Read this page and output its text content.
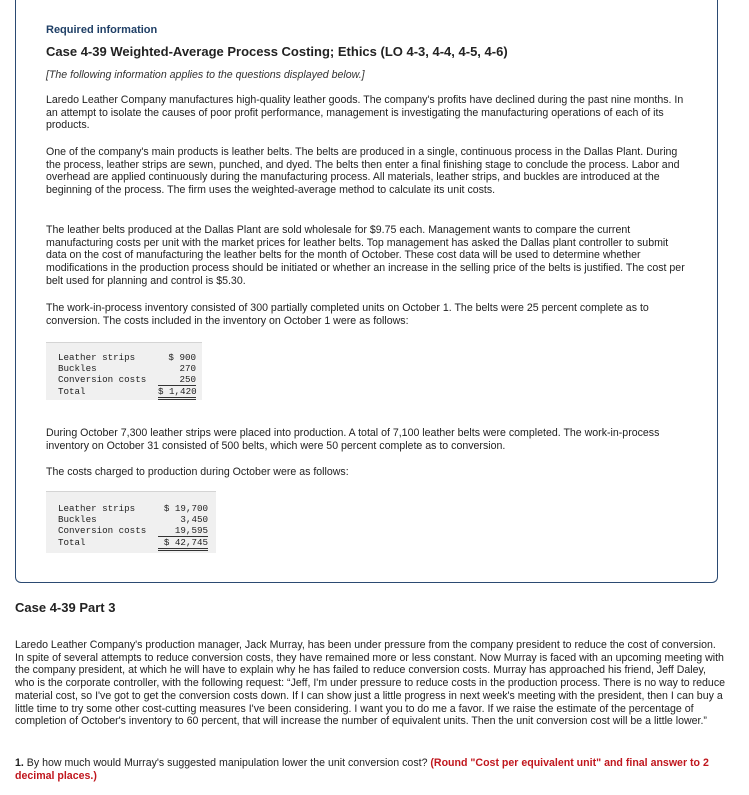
Required information
Case 4-39 Weighted-Average Process Costing; Ethics (LO 4-3, 4-4, 4-5, 4-6)
[The following information applies to the questions displayed below.]

Laredo Leather Company manufactures high-quality leather goods. The company's profits have declined during the past nine months. In an attempt to isolate the causes of poor profit performance, management is investigating the manufacturing operations of each of its products.

One of the company's main products is leather belts. The belts are produced in a single, continuous process in the Dallas Plant. During the process, leather strips are sewn, punched, and dyed. The belts then enter a final finishing stage to conclude the process. Labor and overhead are applied continuously during the manufacturing process. All materials, leather strips, and buckles are introduced at the beginning of the process. The firm uses the weighted-average method to calculate its unit costs.

The leather belts produced at the Dallas Plant are sold wholesale for $9.75 each. Management wants to compare the current manufacturing costs per unit with the market prices for leather belts. Top management has asked the Dallas plant controller to submit data on the cost of manufacturing the leather belts for the month of October. These cost data will be used to determine whether modifications in the production process should be initiated or whether an increase in the selling price of the belts is justified. The cost per belt used for planning and control is $5.30.

The work-in-process inventory consisted of 300 partially completed units on October 1. The belts were 25 percent complete as to conversion. The costs included in the inventory on October 1 were as follows:

Leather strips	$ 900
Buckles	270
Conversion costs	250
Total	$ 1,420

During October 7,300 leather strips were placed into production. A total of 7,100 leather belts were completed. The work-in-process inventory on October 31 consisted of 500 belts, which were 50 percent complete as to conversion.

The costs charged to production during October were as follows:

Leather strips	$ 19,700
Buckles	3,450
Conversion costs	19,595
Total	$ 42,745
Case 4-39 Part 3

Laredo Leather Company's production manager, Jack Murray, has been under pressure from the company president to reduce the cost of conversion. In spite of several attempts to reduce conversion costs, they have remained more or less constant. Now Murray is faced with an upcoming meeting with the company president, at which he will have to explain why he has failed to reduce conversion costs. Murray has approached his friend, Jeff Daley, who is the corporate controller, with the following request: “Jeff, I'm under pressure to reduce costs in the production process. There is no way to reduce material cost, so I've got to get the conversion costs down. If I can show just a little progress in next week's meeting with the president, then I can buy a little time to try some other cost-cutting measures I've been considering. I want you to do me a favor. If we raise the estimate of the percentage of completion of October's inventory to 60 percent, that will increase the number of equivalent units. Then the unit conversion cost will be a little lower.”

1. By how much would Murray's suggested manipulation lower the unit conversion cost? (Round "Cost per equivalent unit" and final answer to 2 decimal places.)
